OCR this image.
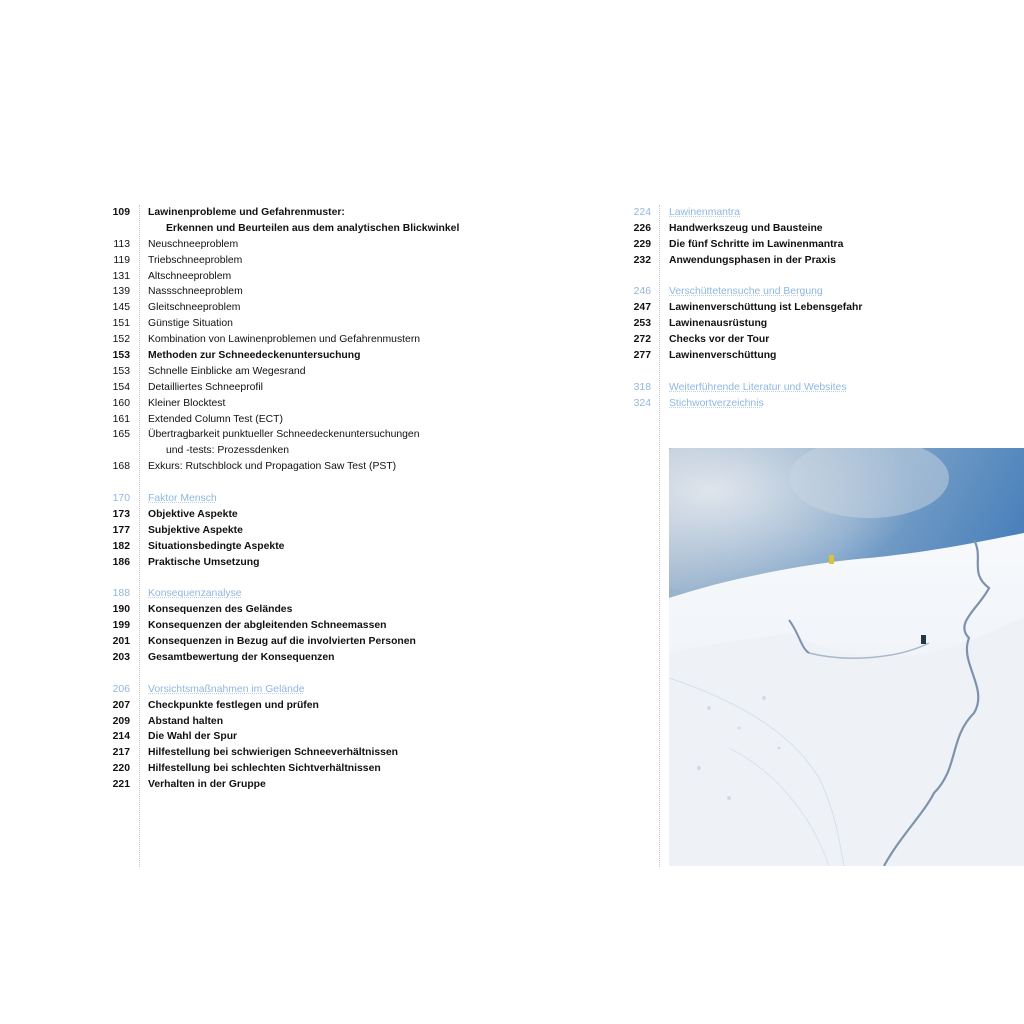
109	Lawinenprobleme und Gefahrenmuster:
Erkennen und Beurteilen aus dem analytischen Blickwinkel
113	Neuschneeproblem
119	Triebschneeproblem
131	Altschneeproblem
139	Nassschneeproblem
145	Gleitschneeproblem
151	Günstige Situation
152	Kombination von Lawinenproblemen und Gefahrenmustern
153	Methoden zur Schneedeckenuntersuchung
153	Schnelle Einblicke am Wegesrand
154	Detailliertes Schneeprofil
160	Kleiner Blocktest
161	Extended Column Test (ECT)
165	Übertragbarkeit punktueller Schneedeckenuntersuchungen
und -tests: Prozessdenken
168	Exkurs: Rutschblock und Propagation Saw Test (PST)
170	Faktor Mensch
173	Objektive Aspekte
177	Subjektive Aspekte
182	Situationsbedingte Aspekte
186	Praktische Umsetzung
188	Konsequenzanalyse
190	Konsequenzen des Geländes
199	Konsequenzen der abgleitenden Schneemassen
201	Konsequenzen in Bezug auf die involvierten Personen
203	Gesamtbewertung der Konsequenzen
206	Vorsichtsmaßnahmen im Gelände
207	Checkpunkte festlegen und prüfen
209	Abstand halten
214	Die Wahl der Spur
217	Hilfestellung bei schwierigen Schneeverhältnissen
220	Hilfestellung bei schlechten Sichtverhältnissen
221	Verhalten in der Gruppe
224	Lawinenmantra
226	Handwerkszeug und Bausteine
229	Die fünf Schritte im Lawinenmantra
232	Anwendungsphasen in der Praxis
246	Verschüttetensuche und Bergung
247	Lawinenverschüttung ist Lebensgefahr
253	Lawinenausrüstung
272	Checks vor der Tour
277	Lawinenverschüttung
318	Weiterführende Literatur und Websites
324	Stichwortverzeichnis
